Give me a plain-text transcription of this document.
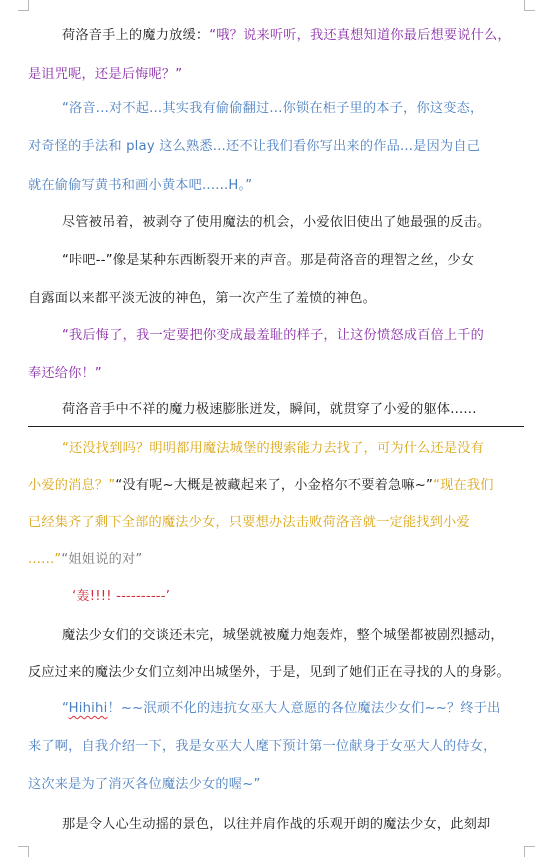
荷洛音手上的魔力放缓：“哦？说来听听，我还真想知道你最后想要说什么，
是诅咒呢，还是后悔呢？”
“洛音...对不起...其实我有偷偷翻过...你锁在柜子里的本子，你这变态，
对奇怪的手法和 play 这么熟悉...还不让我们看你写出来的作品...是因为自己
就在偷偷写黄书和画小黄本吧......H。”
尽管被吊着，被剥夺了使用魔法的机会，小爱依旧使出了她最强的反击。
“咔吧--”像是某种东西断裂开来的声音。那是荷洛音的理智之丝，少女
自露面以来都平淡无波的神色，第一次产生了羞愤的神色。
“我后悔了，我一定要把你变成最羞耻的样子，让这份愤怒成百倍上千的
奉还给你！”
荷洛音手中不祥的魔力极速膨胀迸发，瞬间，就贯穿了小爱的躯体......
“还没找到吗？明明都用魔法城堡的搜索能力去找了，可为什么还是没有
小爱的消息？”“没有呢~大概是被藏起来了，小金格尔不要着急嘛~”“现在我们
已经集齐了剩下全部的魔法少女，只要想办法击败荷洛音就一定能找到小爱
......”“姐姐说的对”
‘轰!!!! ----------’
魔法少女们的交谈还未完，城堡就被魔力炮轰炸，整个城堡都被剧烈撼动，
反应过来的魔法少女们立刻冲出城堡外，于是，见到了她们正在寻找的人的身影。
“Hihihi！~~泯顽不化的违抗女巫大人意愿的各位魔法少女们~~？终于出
来了啊，自我介绍一下，我是女巫大人麾下预计第一位献身于女巫大人的侍女，
这次来是为了消灭各位魔法少女的喔~”
那是令人心生动摇的景色，以往并肩作战的乐观开朗的魔法少女，此刻却
